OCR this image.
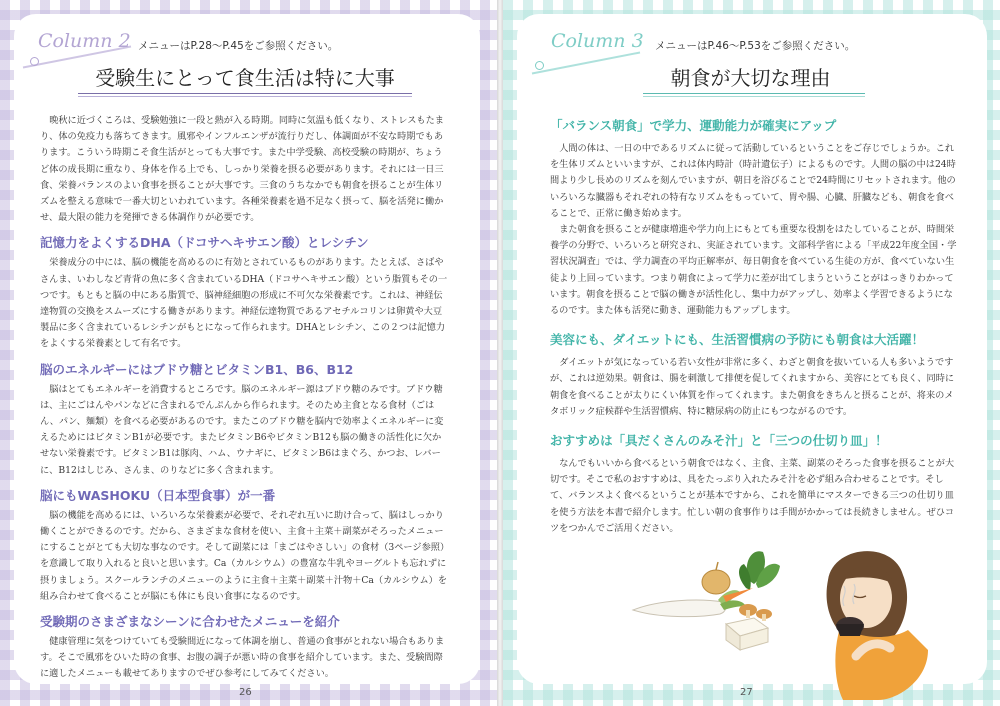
Column 2 メニューはP.28〜P.45をご参照ください。
受験生にとって食生活は特に大事

晩秋に近づくころは、受験勉強に一段と熱が入る時期。同時に気温も低くなり、ストレスもたまり、体の免疫力も落ちてきます。風邪やインフルエンザが流行りだし、体調面が不安な時期でもあります。こういう時期こそ食生活がとっても大事です。また中学受験、高校受験の時期が、ちょうど体の成長期に重なり、身体を作る上でも、しっかり栄養を摂る必要があります。それには一日三食、栄養バランスのよい食事を摂ることが大事です。三食のうちなかでも朝食を摂ることが生体リズムを整える意味で一番大切といわれています。各種栄養素を過不足なく摂って、脳を活発に働かせ、最大限の能力を発揮できる体調作りが必要です。

記憶力をよくするDHA（ドコサヘキサエン酸）とレシチン

栄養成分の中には、脳の機能を高めるのに有効とされているものがあります。たとえば、さばやさんま、いわしなど青背の魚に多く含まれているDHA（ドコサヘキサエン酸）という脂質もその一つです。もともと脳の中にある脂質で、脳神経細胞の形成に不可欠な栄養素です。これは、神経伝達物質の交換をスムーズにする働きがあります。神経伝達物質であるアセチルコリンは卵黄や大豆製品に多く含まれているレシチンがもとになって作られます。DHAとレシチン、この２つは記憶力をよくする栄養素として有名です。

脳のエネルギーにはブドウ糖とビタミンB1、B6、B12

脳はとてもエネルギーを消費するところです。脳のエネルギー源はブドウ糖のみです。ブドウ糖は、主にごはんやパンなどに含まれるでんぷんから作られます。そのため主食となる食材（ごはん、パン、麺類）を食べる必要があるのです。またこのブドウ糖を脳内で効率よくエネルギーに変えるためにはビタミンB1が必要です。またビタミンB6やビタミンB12も脳の働きの活性化に欠かせない栄養素です。ビタミンB1は豚肉、ハム、ウナギに、ビタミンB6はまぐろ、かつお、レバーに、B12はしじみ、さんま、のりなどに多く含まれます。

脳にもWASHOKU（日本型食事）が一番

脳の機能を高めるには、いろいろな栄養素が必要で、それぞれ互いに助け合って、脳はしっかり働くことができるのです。だから、さまざまな食材を使い、主食＋主菜＋副菜がそろったメニューにすることがとても大切な事なのです。そして副菜には「まごはやさしい」の食材（3ページ参照）を意識して取り入れると良いと思います。Ca（カルシウム）の豊富な牛乳やヨーグルトも忘れずに摂りましょう。スクールランチのメニューのように主食＋主菜＋副菜＋汁物＋Ca（カルシウム）を組み合わせて食べることが脳にも体にも良い食事になるのです。

受験期のさまざまなシーンに合わせたメニューを紹介

健康管理に気をつけていても受験間近になって体調を崩し、普通の食事がとれない場合もあります。そこで風邪をひいた時の食事、お腹の調子が悪い時の食事を紹介しています。また、受験間際に適したメニューも載せてありますのでぜひ参考にしてみてください。

26
Column 3 メニューはP.46〜P.53をご参照ください。
朝食が大切な理由
「バランス朝食」で学力、運動能力が確実にアップ

人間の体は、一日の中であるリズムに従って活動しているということをご存じでしょうか。これを生体リズムといいますが、これは体内時計（時計遺伝子）によるものです。人間の脳の中は24時間より少し長めのリズムを刻んでいますが、朝日を浴びることで24時間にリセットされます。他のいろいろな臓器もそれぞれの特有なリズムをもっていて、胃や腸、心臓、肝臓なども、朝食を食べることで、正常に働き始めます。

また朝食を摂ることが健康増進や学力向上にもとても重要な役割をはたしていることが、時間栄養学の分野で、いろいろと研究され、実証されています。文部科学省による「平成22年度全国・学習状況調査」では、学力調査の平均正解率が、毎日朝食を食べている生徒の方が、食べていない生徒より上回っています。つまり朝食によって学力に差が出てしまうということがはっきりわかっています。朝食を摂ることで脳の働きが活性化し、集中力がアップし、効率よく学習できるようになるのです。また体も活発に動き、運動能力もアップします。

美容にも、ダイエットにも、生活習慣病の予防にも朝食は大活躍！

ダイエットが気になっている若い女性が非常に多く、わざと朝食を抜いている人も多いようですが、これは逆効果。朝食は、腸を刺激して排便を促してくれますから、美容にとても良く、同時に朝食を食べることが太りにくい体質を作ってくれます。また朝食をきちんと摂ることが、将来のメタボリック症候群や生活習慣病、特に糖尿病の防止にもつながるのです。

おすすめは「具だくさんのみそ汁」と「三つの仕切り皿」！

なんでもいいから食べるという朝食ではなく、主食、主菜、副菜のそろった食事を摂ることが大切です。そこで私のおすすめは、具をたっぷり入れたみそ汁を必ず組み合わせることです。そして、バランスよく食べるということが基本ですから、これを簡単にマスターできる三つの仕切り皿を使う方法を本書で紹介します。忙しい朝の食事作りは手間がかかっては長続きしません。ぜひコツをつかんでご活用ください。

27
